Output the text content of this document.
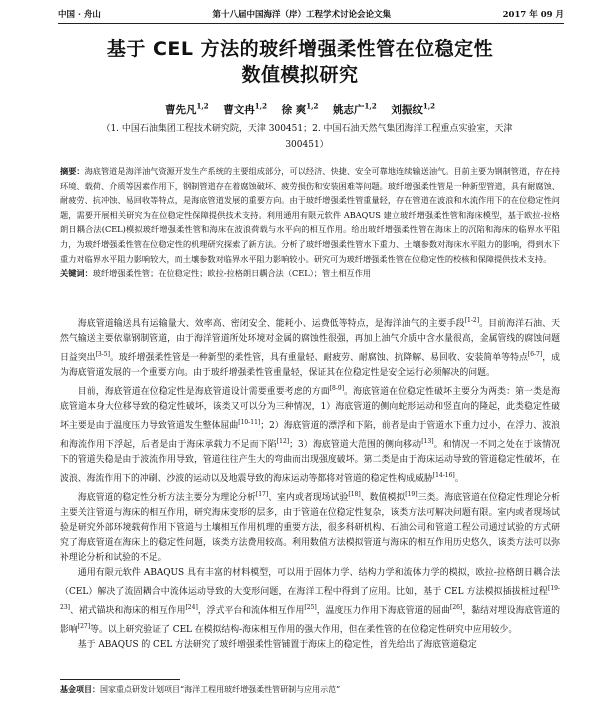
中国 · 舟山	第十八届中国海洋（岸）工程学术讨论会论文集	2017 年 09 月
基于 CEL 方法的玻纤增强柔性管在位稳定性
数值模拟研究
曹先凡$^{1,2}$ 曹文冉$^{1,2}$ 徐 爽$^{1,2}$ 姚志广$^{1,2}$ 刘振纹$^{1,2}$
（1. 中国石油集团工程技术研究院，天津 300451；2. 中国石油天然气集团海洋工程重点实验室，天津
300451）
摘要：海底管道是海洋油气资源开发生产系统的主要组成部分，可以经济、快捷、安全可靠地连续输送油气。目前主要为钢制管道，存在持环境、载荷、介质等因素作用下，钢制管道存在着腐蚀破坏、疲劳损伤和安装困难等问题。玻纤增强柔性管是一种新型管道，具有耐腐蚀、耐疲劳、抗冲蚀、易回收等特点，是海底管道发展的重要方向。由于玻纤增强柔性管重量轻，存在管道在波浪和水流作用下的在位稳定性问题，需要开展相关研究为在位稳定性保障提供技术支持。利用通用有限元软件 ABAQUS 建立玻纤增强柔性管和海床模型，基于欧拉-拉格朗日耦合法(CEL)模拟玻纤增强柔性管和海床在波浪荷载与水平向的相互作用。给出玻纤增强柔性管在海床上的沉陷和海床的临界水平阻力，为玻纤增强柔性管在位稳定性的机理研究探索了新方法。分析了玻纤增强柔性管水下重力、土壤参数对海床水平阻力的影响，得到水下重力对临界水平阻力影响较大，而土壤参数对临界水平阻力影响较小。研究可为玻纤增强柔性管在位稳定性的校核和保障提供技术支持。
关键词：玻纤增强柔性管；在位稳定性；欧拉-拉格朗日耦合法（CEL）；管土相互作用

海底管道输送具有运输量大、效率高、密闭安全、能耗小、运费低等特点，是海洋油气的主要手段[1-2]。目前海洋石油、天然气输送主要依靠钢制管道，由于海洋管道所处环境对金属的腐蚀性很强，再加上油气介质中含水量很高，金属管线的腐蚀问题日益突出[3-5]。玻纤增强柔性管是一种新型的柔性管，具有重量轻、耐疲劳、耐腐蚀、抗降解、易回收、安装简单等特点[6-7]，成为海底管道发展的一个重要方向。由于玻纤增强柔性管重量轻，保证其在位稳定性是安全运行必须解决的问题。

目前，海底管道在位稳定性是海底管道设计需要重要考虑的方面[8-9]。海底管道在位稳定性破坏主要分为两类：第一类是海底管道本身大位移导致的稳定性破坏，该类又可以分为三种情况，1）海底管道的侧向蛇形运动和竖直向的隆起，此类稳定性破坏主要是由于温度压力导致管道发生整体屈曲[10-11]；2）海底管道的漂浮和下陷，前者是由于管道水下重力过小，在浮力、波浪和海流作用下浮起，后者是由于海床承载力不足而下陷[12]；3）海底管道大范围的侧向移动[13]。和情况一不同之处在于该情况下的管道失稳是由于波流作用导致，管道往往产生大的弯曲而出现强度破坏。第二类是由于海床运动导致的管道稳定性破坏，在波浪、海流作用下的冲刷、沙波的运动以及地震导致的海床运动等都将对管道的稳定性构成威胁[14-16]。

海底管道的稳定性分析方法主要分为理论分析[17]、室内或者现场试验[18]、数值模拟[19]三类。海底管道在位稳定性理论分析主要关注管道与海床的相互作用，研究海床变形的层多，由于管道在位稳定性复杂，该类方法可解决问题有限。室内或者现场试验是研究外部环境载荷作用下管道与土壤相互作用机理的重要方法，很多科研机构、石油公司和管道工程公司通过试验的方式研究了海底管道在海床上的稳定性问题，该类方法费用较高。利用数值方法模拟管道与海床的相互作用历史悠久，该类方法可以弥补理论分析和试验的不足。

通用有限元软件 ABAQUS 具有丰富的材料模型，可以用于固体力学、结构力学和流体力学的模拟，欧拉-拉格朗日耦合法（CEL）解决了流固耦合中流体运动导致的大变形问题，在海洋工程中得到了应用。比如，基于 CEL 方法模拟插拔桩过程[19-23]、裙式锚块和海床的相互作用[24]，浮式平台和流体相互作用[25]，温度压力作用下海底管道的屈曲[26]，黏结对埋设海底管道的影响[27]等。以上研究验证了 CEL 在模拟结构-海床相互作用的强大作用，但在柔性管的在位稳定性研究中应用较少。

基于 ABAQUS 的 CEL 方法研究了玻纤增强柔性管铺置于海床上的稳定性，首先给出了海底管道稳定

基金项目：国家重点研发计划项目“海洋工程用玻纤增强柔性管研制与应用示范”
